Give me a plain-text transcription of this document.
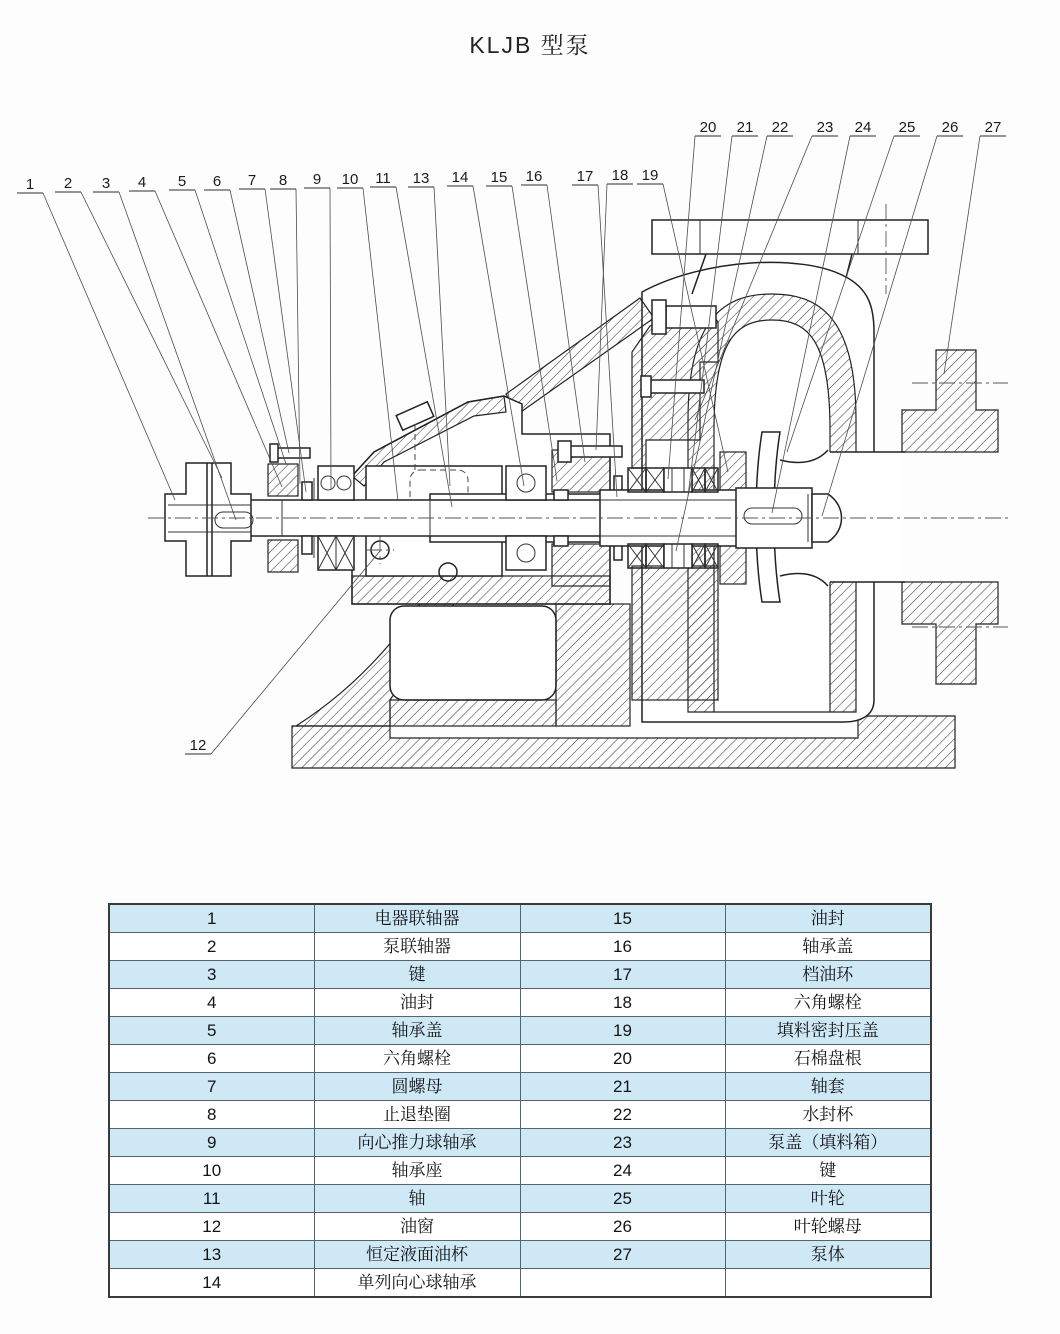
KLJB 型泵
1 2 3 4 5 6 7 8 9 10 11 13 14 15 16 17 18 19
20 21 22 23 24 25 26 27
12
1	电器联轴器	15	油封
2	泵联轴器	16	轴承盖
3	键	17	档油环
4	油封	18	六角螺栓
5	轴承盖	19	填料密封压盖
6	六角螺栓	20	石棉盘根
7	圆螺母	21	轴套
8	止退垫圈	22	水封杯
9	向心推力球轴承	23	泵盖（填料箱）
10	轴承座	24	键
11	轴	25	叶轮
12	油窗	26	叶轮螺母
13	恒定液面油杯	27	泵体
14	单列向心球轴承		
